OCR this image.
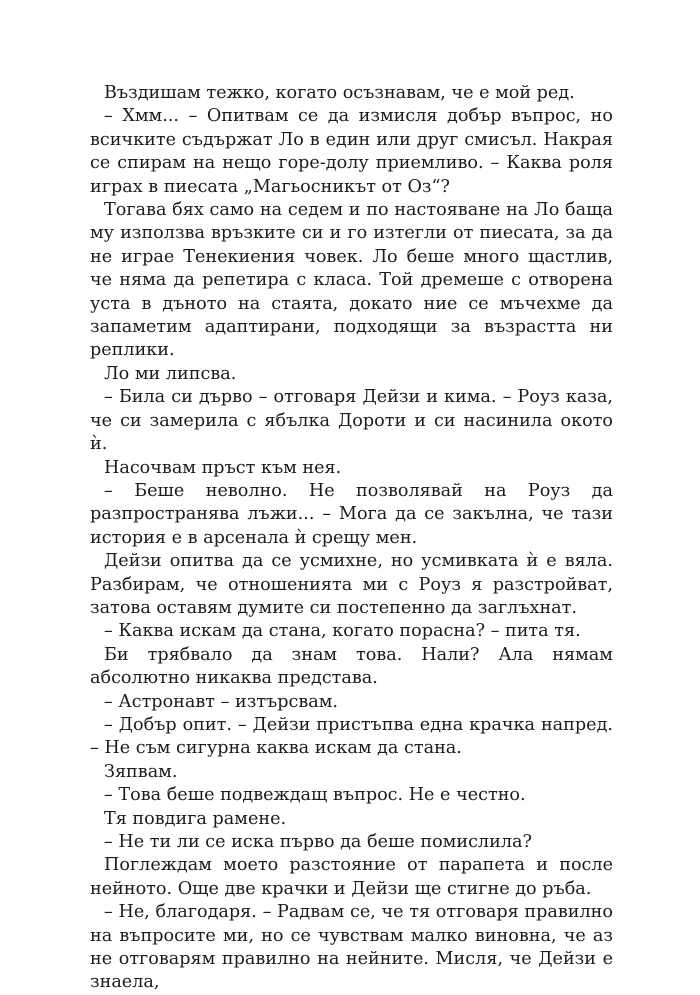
Въздишам тежко, когато осъзнавам, че е мой ред.

– Хмм... – Опитвам се да измисля добър въпрос, но всичките съдържат Ло в един или друг смисъл. Накрая се спирам на нещо горе-долу приемливо. – Каква роля играх в пиесата „Магьосникът от Оз“?

Тогава бях само на седем и по настояване на Ло баща му използва връзките си и го изтегли от пиесата, за да не играе Тенекиения човек. Ло беше много щастлив, че няма да репетира с класа. Той дремеше с отворена уста в дъното на стаята, докато ние се мъчехме да запаметим адаптирани, подходящи за възрастта ни реплики.

Ло ми липсва.

– Била си дърво – отговаря Дейзи и кима. – Роуз каза, че си замерила с ябълка Дороти и си насинила окото ѝ.

Насочвам пръст към нея.

– Беше неволно. Не позволявай на Роуз да разпространява лъжи... – Мога да се закълна, че тази история е в арсенала ѝ срещу мен.

Дейзи опитва да се усмихне, но усмивката ѝ е вяла. Разбирам, че отношенията ми с Роуз я разстройват, затова оставям думите си постепенно да заглъхнат.

– Каква искам да стана, когато порасна? – пита тя.

Би трябвало да знам това. Нали? Ала нямам абсолютно никаква представа.

– Астронавт – изтърсвам.

– Добър опит. – Дейзи пристъпва една крачка напред. – Не съм сигурна каква искам да стана.

Зяпвам.

– Това беше подвеждащ въпрос. Не е честно.

Тя повдига рамене.

– Не ти ли се иска първо да беше помислила?

Поглеждам моето разстояние от парапета и после нейното. Още две крачки и Дейзи ще стигне до ръба.

– Не, благодаря. – Радвам се, че тя отговаря правилно на въпросите ми, но се чувствам малко виновна, че аз не отговарям правилно на нейните. Мисля, че Дейзи е знаела,
